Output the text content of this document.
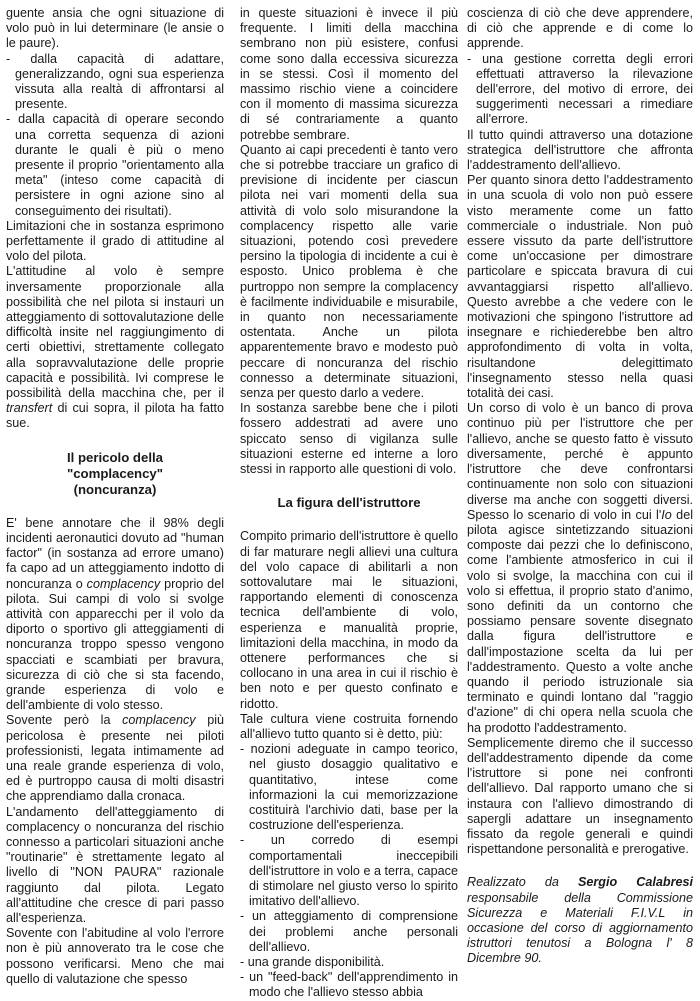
guente ansia che ogni situazione di volo può in lui determinare (le ansie o le paure).

- dalla capacità di adattare, generalizzando, ogni sua esperienza vissuta alla realtà di affrontarsi al presente.

- dalla capacità di operare secondo una corretta sequenza di azioni durante le quali è più o meno presente il proprio "orientamento alla meta" (inteso come capacità di persistere in ogni azione sino al conseguimento dei risultati).

Limitazioni che in sostanza esprimono perfettamente il grado di attitudine al volo del pilota.

L'attitudine al volo è sempre inversamente proporzionale alla possibilità che nel pilota si instauri un atteggiamento di sottovalutazione delle difficoltà insite nel raggiungimento di certi obiettivi, strettamente collegato alla sopravvalutazione delle proprie capacità e possibilità. Ivi comprese le possibilità della macchina che, per il transfert di cui sopra, il pilota ha fatto sue.

Il pericolo della

"complacency"

(noncuranza)

E' bene annotare che il 98% degli incidenti aeronautici dovuto ad "human factor" (in sostanza ad errore umano) fa capo ad un atteggiamento indotto di noncuranza o complacency proprio del pilota. Sui campi di volo si svolge attività con apparecchi per il volo da diporto o sportivo gli atteggiamenti di noncuranza troppo spesso vengono spacciati e scambiati per bravura, sicurezza di ciò che si sta facendo, grande esperienza di volo e dell'ambiente di volo stesso.

Sovente però la complacency più pericolosa è presente nei piloti professionisti, legata intimamente ad una reale grande esperienza di volo, ed è purtroppo causa di molti disastri che apprendiamo dalla cronaca.

L'andamento dell'atteggiamento di complacency o noncuranza del rischio connesso a particolari situazioni anche "routinarie" è strettamente legato al livello di "NON PAURA" razionale raggiunto dal pilota. Legato all'attitudine che cresce di pari passo all'esperienza.

Sovente con l'abitudine al volo l'errore non è più annoverato tra le cose che possono verificarsi. Meno che mai quello di valutazione che spesso

in queste situazioni è invece il più frequente. I limiti della macchina sembrano non più esistere, confusi come sono dalla eccessiva sicurezza in se stessi. Così il momento del massimo rischio viene a coincidere con il momento di massima sicurezza di sé contrariamente a quanto potrebbe sembrare.

Quanto ai capi precedenti è tanto vero che si potrebbe tracciare un grafico di previsione di incidente per ciascun pilota nei vari momenti della sua attività di volo solo misurandone la complacency rispetto alle varie situazioni, potendo così prevedere persino la tipologia di incidente a cui è esposto. Unico problema è che purtroppo non sempre la complacency è facilmente individuabile e misurabile, in quanto non necessariamente ostentata. Anche un pilota apparentemente bravo e modesto può peccare di noncuranza del rischio connesso a determinate situazioni, senza per questo darlo a vedere.

In sostanza sarebbe bene che i piloti fossero addestrati ad avere uno spiccato senso di vigilanza sulle situazioni esterne ed interne a loro stessi in rapporto alle questioni di volo.

La figura dell'istruttore

Compito primario dell'istruttore è quello di far maturare negli allievi una cultura del volo capace di abilitarli a non sottovalutare mai le situazioni, rapportando elementi di conoscenza tecnica dell'ambiente di volo, esperienza e manualità proprie, limitazioni della macchina, in modo da ottenere performances che si collocano in una area in cui il rischio è ben noto e per questo confinato e ridotto.

Tale cultura viene costruita fornendo all'allievo tutto quanto si è detto, più:

- nozioni adeguate in campo teorico, nel giusto dosaggio qualitativo e quantitativo, intese come informazioni la cui memorizzazione costituirà l'archivio dati, base per la costruzione dell'esperienza.

- un corredo di esempi comportamentali ineccepibili dell'istruttore in volo e a terra, capace di stimolare nel giusto verso lo spirito imitativo dell'allievo.

- un atteggiamento di comprensione dei problemi anche personali dell'allievo.

- una grande disponibilità.

- un "feed-back" dell'apprendimento in modo che l'allievo stesso abbia

coscienza di ciò che deve apprendere, di ciò che apprende e di come lo apprende.

- una gestione corretta degli errori effettuati attraverso la rilevazione dell'errore, del motivo di errore, dei suggerimenti necessari a rimediare all'errore.

Il tutto quindi attraverso una dotazione strategica dell'istruttore che affronta l'addestramento dell'allievo.

Per quanto sinora detto l'addestramento in una scuola di volo non può essere visto meramente come un fatto commerciale o industriale. Non può essere vissuto da parte dell'istruttore come un'occasione per dimostrare particolare e spiccata bravura di cui avvantaggiarsi rispetto all'allievo. Questo avrebbe a che vedere con le motivazioni che spingono l'istruttore ad insegnare e richiederebbe ben altro approfondimento di volta in volta, risultandone delegittimato l'insegnamento stesso nella quasi totalità dei casi.

Un corso di volo è un banco di prova continuo più per l'istruttore che per l'allievo, anche se questo fatto è vissuto diversamente, perché è appunto l'istruttore che deve confrontarsi continuamente non solo con situazioni diverse ma anche con soggetti diversi. Spesso lo scenario di volo in cui l'Io del pilota agisce sintetizzando situazioni composte dai pezzi che lo definiscono, come l'ambiente atmosferico in cui il volo si svolge, la macchina con cui il volo si effettua, il proprio stato d'animo, sono definiti da un contorno che possiamo pensare sovente disegnato dalla figura dell'istruttore e dall'impostazione scelta da lui per l'addestramento. Questo a volte anche quando il periodo istruzionale sia terminato e quindi lontano dal "raggio d'azione" di chi opera nella scuola che ha prodotto l'addestramento.

Semplicemente diremo che il successo dell'addestramento dipende da come l'istruttore si pone nei confronti dell'allievo. Dal rapporto umano che si instaura con l'allievo dimostrando di sapergli adattare un insegnamento fissato da regole generali e quindi rispettandone personalità e prerogative.

Realizzato da Sergio Calabresi responsabile della Commissione Sicurezza e Materiali F.I.V.L in occasione del corso di aggiornamento istruttori tenutosi a Bologna l' 8 Dicembre 90.
